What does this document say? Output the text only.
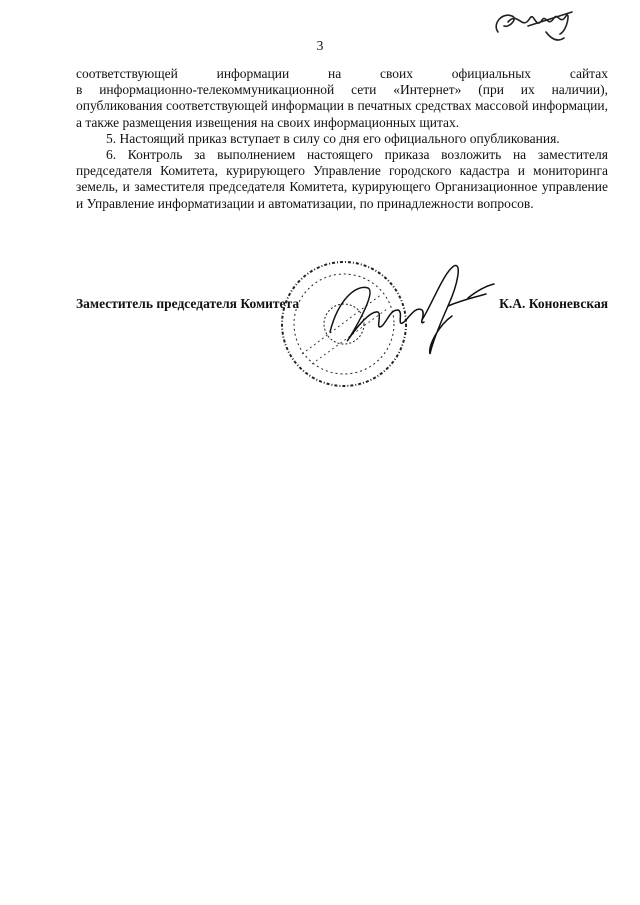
3

соответствующей информации на своих официальных сайтах

в информационно-телекоммуникационной сети «Интернет» (при их наличии), опубликования соответствующей информации в печатных средствах массовой информации, а также размещения извещения на своих информационных щитах.

5. Настоящий приказ вступает в силу со дня его официального опубликования.

6. Контроль за выполнением настоящего приказа возложить на заместителя председателя Комитета, курирующего Управление городского кадастра и мониторинга земель, и заместителя председателя Комитета, курирующего Организационное управление и Управление информатизации и автоматизации, по принадлежности вопросов.

Заместитель председателя Комитета	К.А. Кононевская
